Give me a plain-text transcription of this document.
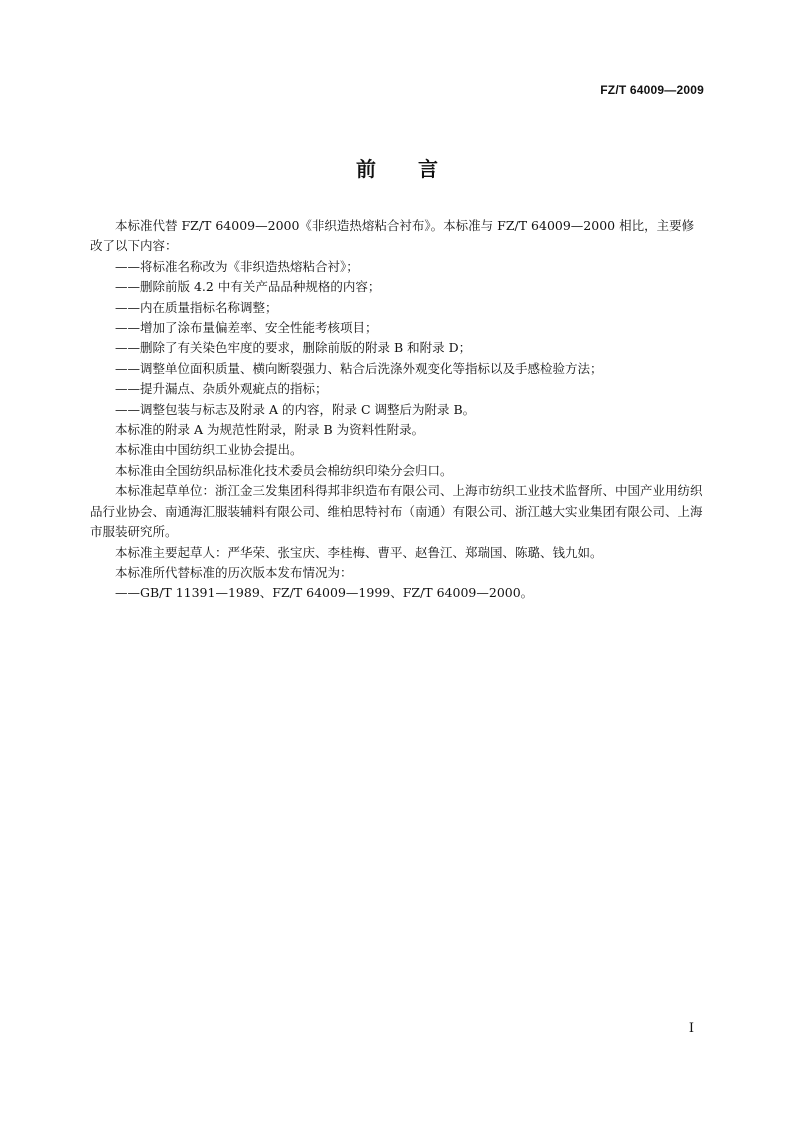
FZ/T 64009—2009
前 言

本标准代替 FZ/T 64009—2000《非织造热熔粘合衬布》。本标准与 FZ/T 64009—2000 相比，主要修改了以下内容：

——将标准名称改为《非织造热熔粘合衬》；

——删除前版 4.2 中有关产品品种规格的内容；

——内在质量指标名称调整；

——增加了涂布量偏差率、安全性能考核项目；

——删除了有关染色牢度的要求，删除前版的附录 B 和附录 D；

——调整单位面积质量、横向断裂强力、粘合后洗涤外观变化等指标以及手感检验方法；

——提升漏点、杂质外观疵点的指标；

——调整包装与标志及附录 A 的内容，附录 C 调整后为附录 B。

本标准的附录 A 为规范性附录，附录 B 为资料性附录。

本标准由中国纺织工业协会提出。

本标准由全国纺织品标准化技术委员会棉纺织印染分会归口。

本标准起草单位：浙江金三发集团科得邦非织造布有限公司、上海市纺织工业技术监督所、中国产业用纺织品行业协会、南通海汇服装辅料有限公司、维柏思特衬布（南通）有限公司、浙江越大实业集团有限公司、上海市服装研究所。

本标准主要起草人：严华荣、张宝庆、李桂梅、曹平、赵鲁江、郑瑞国、陈璐、钱九如。

本标准所代替标准的历次版本发布情况为：

——GB/T 11391—1989、FZ/T 64009—1999、FZ/T 64009—2000。

I
